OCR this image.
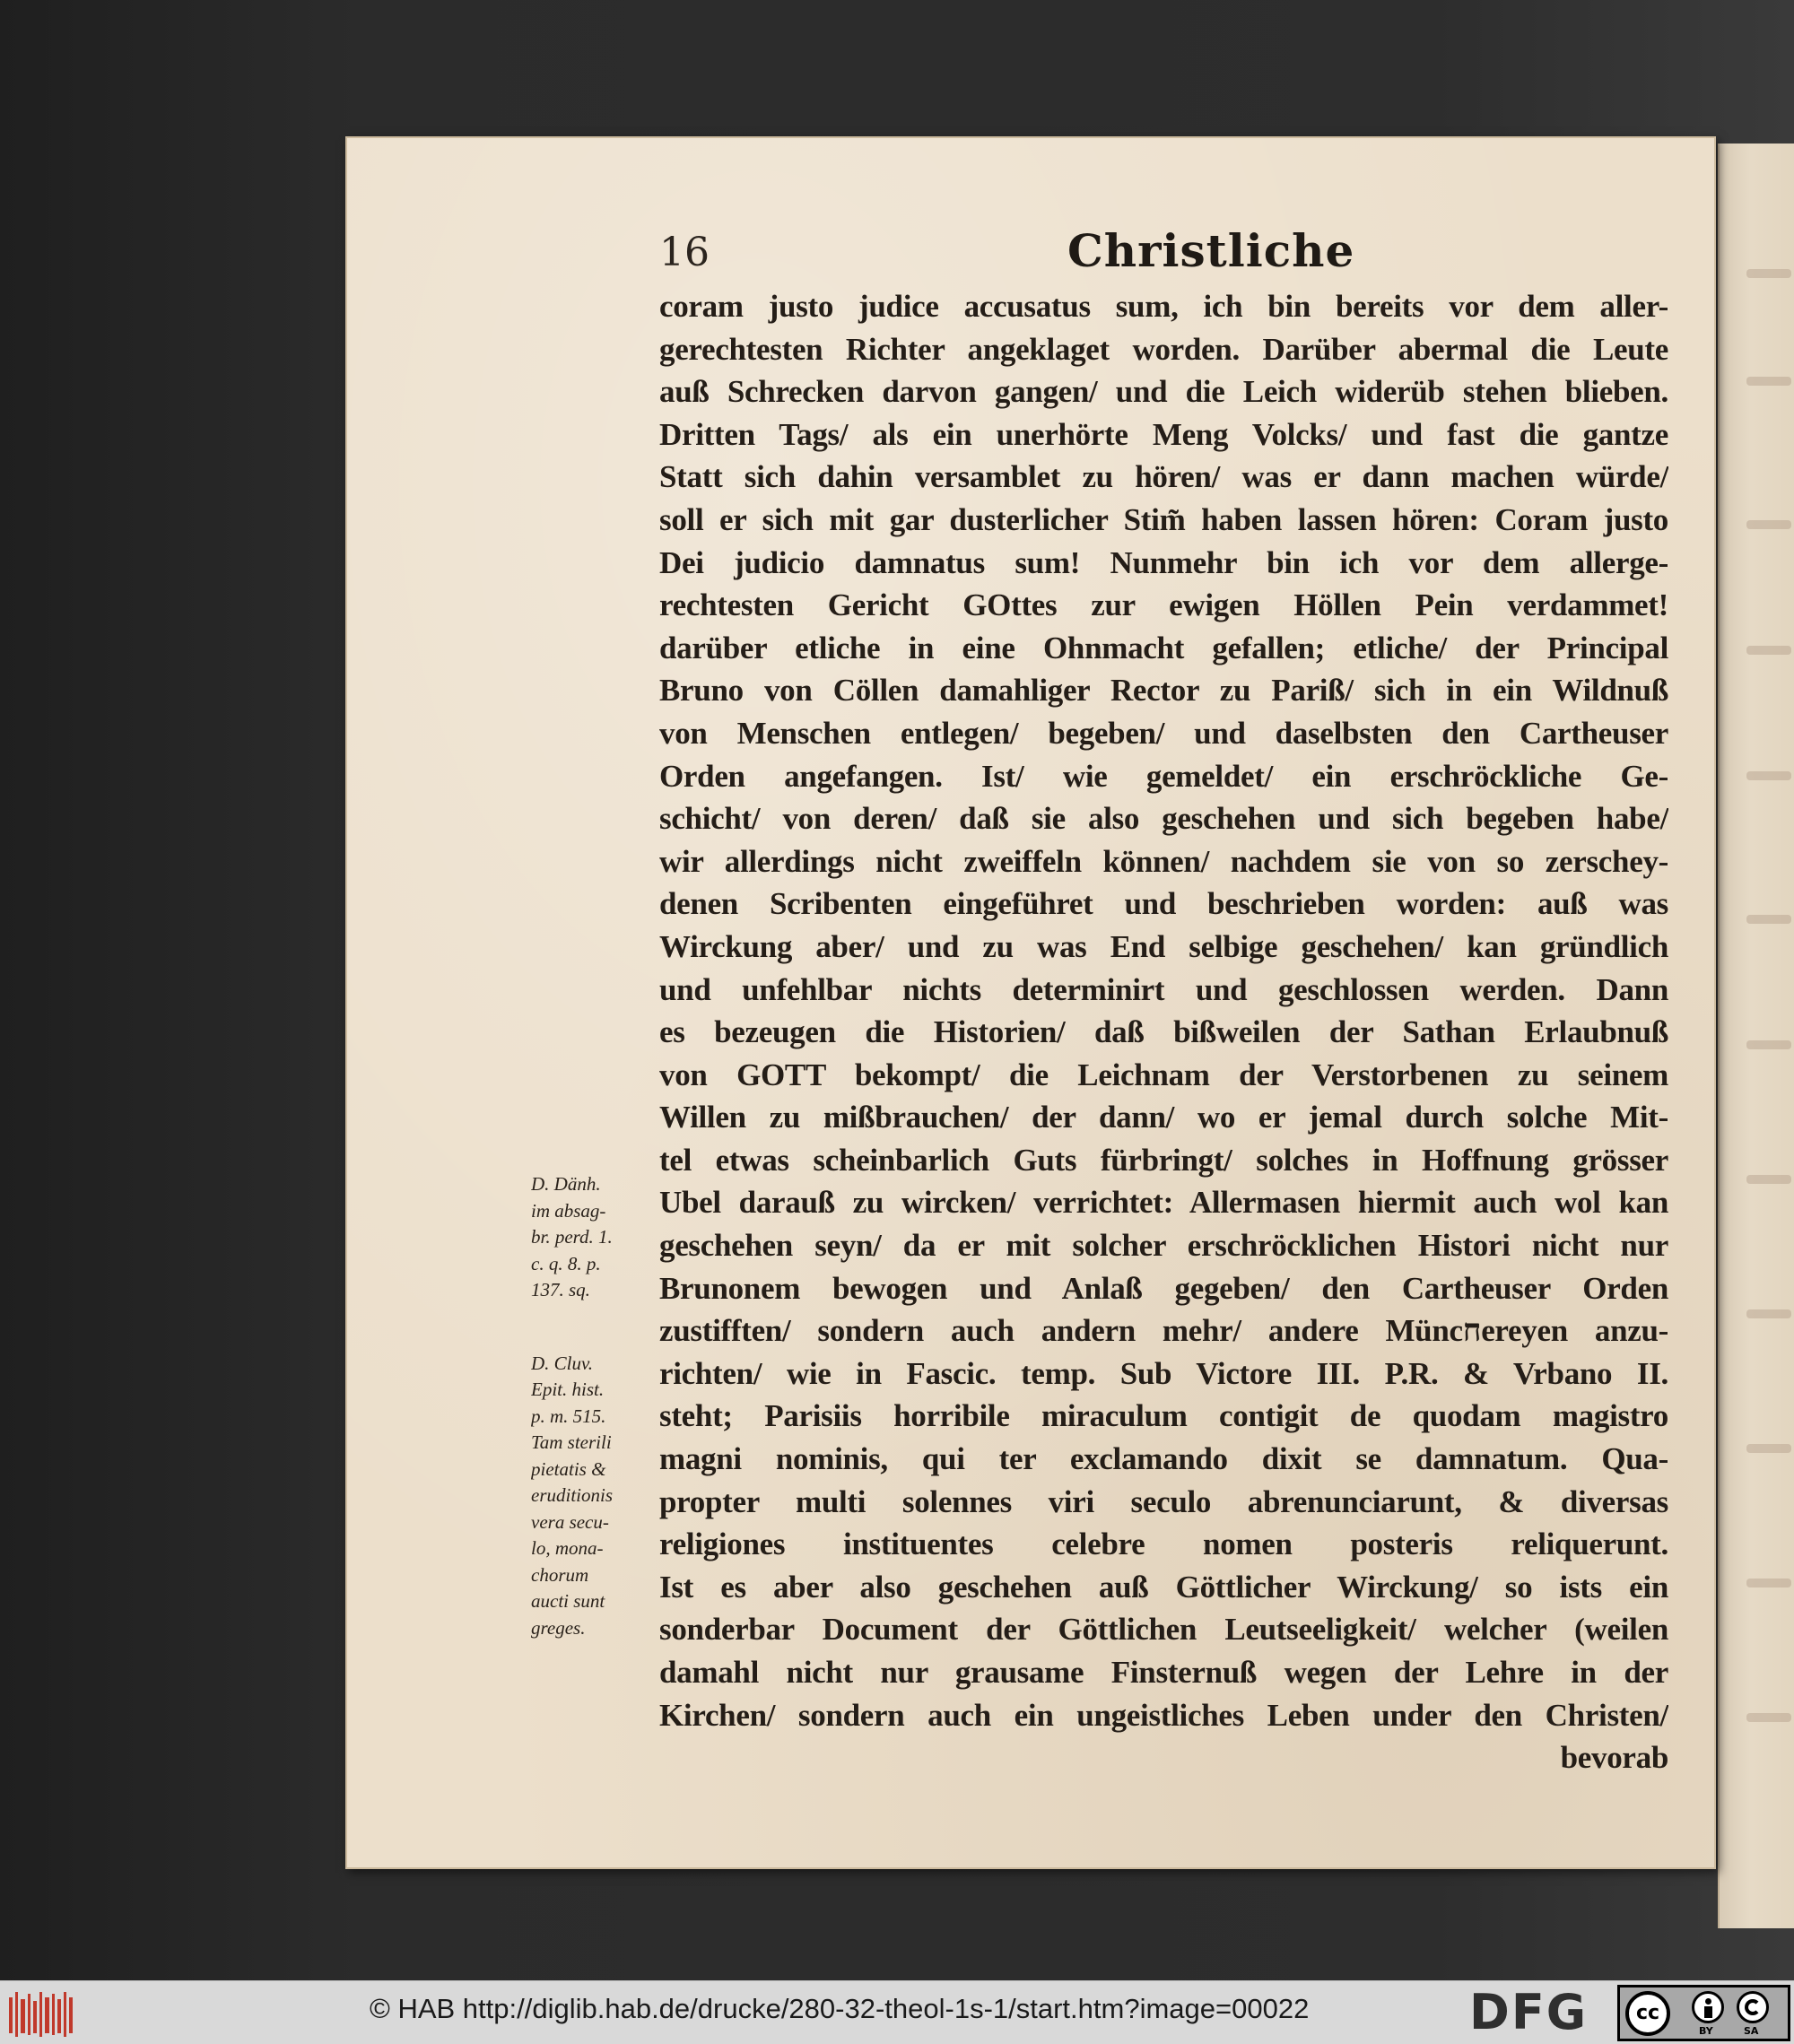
16	Christliche
coram justo judice accusatus sum, ich bin bereits vor dem aller-
gerechtesten Richter angeklaget worden. Darüber abermal die Leute
auß Schrecken darvon gangen/ und die Leich widerüb stehen blieben.
Dritten Tags/ als ein unerhörte Meng Volcks/ und fast die gantze
Statt sich dahin versamblet zu hören/ was er dann machen würde/
soll er sich mit gar dusterlicher Stim̃ haben lassen hören: Coram justo
Dei judicio damnatus sum! Nunmehr bin ich vor dem allerge-
rechtesten Gericht GOttes zur ewigen Höllen Pein verdammet!
darüber etliche in eine Ohnmacht gefallen; etliche/ der Principal
Bruno von Cöllen damahliger Rector zu Pariß/ sich in ein Wildnuß
von Menschen entlegen/ begeben/ und daselbsten den Cartheuser
Orden angefangen. Ist/ wie gemeldet/ ein erschröckliche Ge-
schicht/ von deren/ daß sie also geschehen und sich begeben habe/
wir allerdings nicht zweiffeln können/ nachdem sie von so zerschey-
denen Scribenten eingeführet und beschrieben worden: auß was
Wirckung aber/ und zu was End selbige geschehen/ kan gründlich
und unfehlbar nichts determinirt und geschlossen werden. Dann
es bezeugen die Historien/ daß bißweilen der Sathan Erlaubnuß
von GOTT bekompt/ die Leichnam der Verstorbenen zu seinem
Willen zu mißbrauchen/ der dann/ wo er jemal durch solche Mit-
tel etwas scheinbarlich Guts fürbringt/ solches in Hoffnung grösser
Ubel darauß zu wircken/ verrichtet: Allermasen hiermit auch wol kan
geschehen seyn/ da er mit solcher erschröcklichen Histori nicht nur
Brunonem bewogen und Anlaß gegeben/ den Cartheuser Orden
zustifften/ sondern auch andern mehr/ andere Müncחereyen anzu-
richten/ wie in Fascic. temp. Sub Victore III. P.R. & Vrbano II.
steht; Parisiis horribile miraculum contigit de quodam magistro
magni nominis, qui ter exclamando dixit se damnatum. Qua-
propter multi solennes viri seculo abrenunciarunt, & diversas
religiones instituentes celebre nomen posteris reliquerunt.
Ist es aber also geschehen auß Göttlicher Wirckung/ so ists ein
sonderbar Document der Göttlichen Leutseeligkeit/ welcher (weilen
damahl nicht nur grausame Finsternuß wegen der Lehre in der
Kirchen/ sondern auch ein ungeistliches Leben under den Christen/
bevorab
D. Dänh.
im absag-
br. perd. 1.
c. q. 8. p.
137. sq.
D. Cluv.
Epit. hist.
p. m. 515.
Tam sterili
pietatis &
eruditionis
vera secu-
lo, mona-
chorum
aucti sunt
greges.
© HAB http://diglib.hab.de/drucke/280-32-theol-1s-1/start.htm?image=00022	DFG	cc
BY	SA
